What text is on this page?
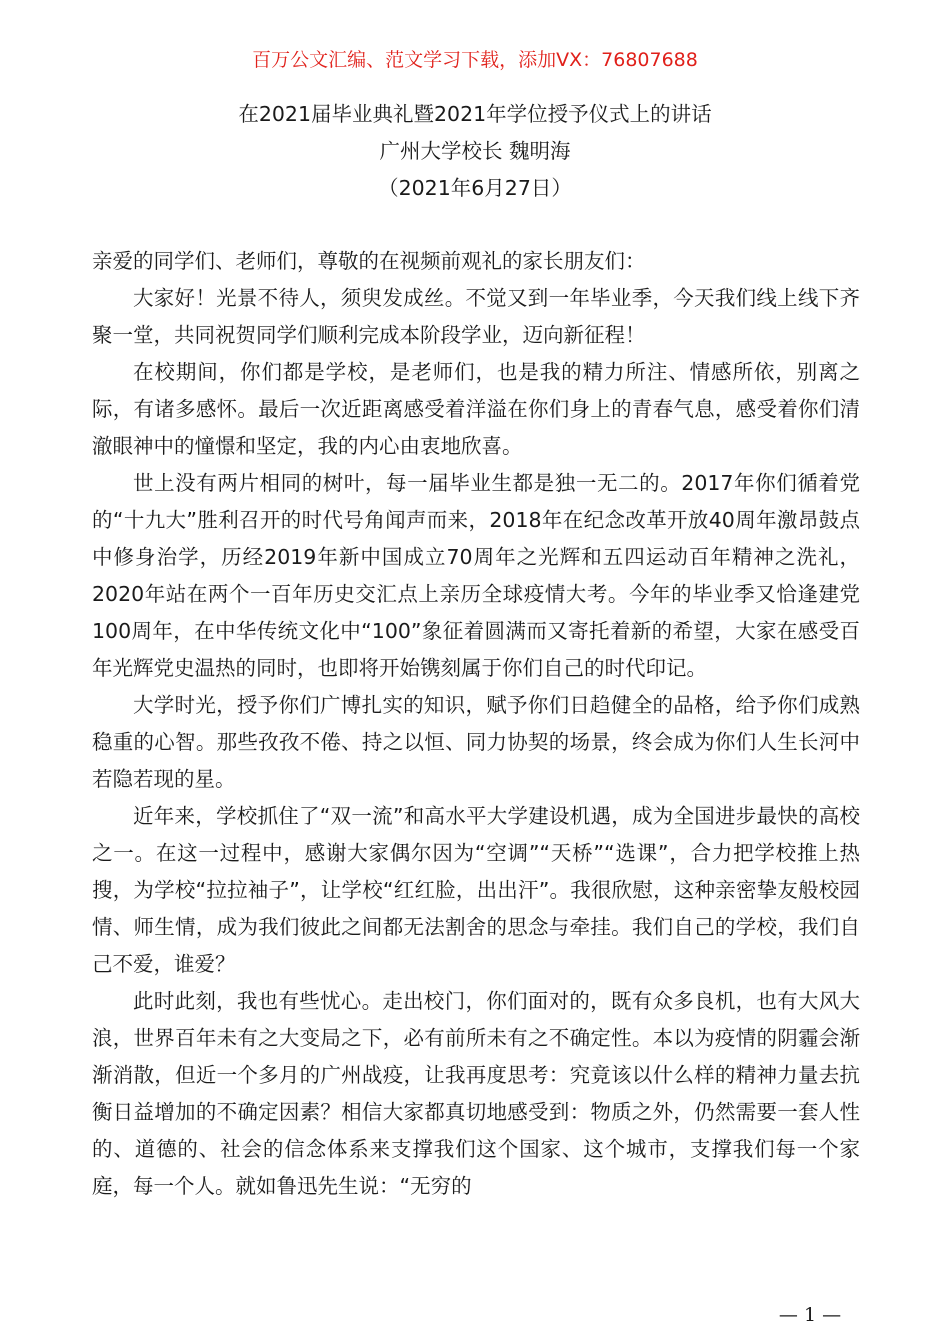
百万公文汇编、范文学习下载，添加VX：76807688
在2021届毕业典礼暨2021年学位授予仪式上的讲话
广州大学校长 魏明海
（2021年6月27日）

亲爱的同学们、老师们，尊敬的在视频前观礼的家长朋友们：

大家好！光景不待人，须臾发成丝。不觉又到一年毕业季，今天我们线上线下齐聚一堂，共同祝贺同学们顺利完成本阶段学业，迈向新征程！

在校期间，你们都是学校，是老师们，也是我的精力所注、情感所依，别离之际，有诸多感怀。最后一次近距离感受着洋溢在你们身上的青春气息，感受着你们清澈眼神中的憧憬和坚定，我的内心由衷地欣喜。

世上没有两片相同的树叶，每一届毕业生都是独一无二的。2017年你们循着党的“十九大”胜利召开的时代号角闻声而来，2018年在纪念改革开放40周年激昂鼓点中修身治学，历经2019年新中国成立70周年之光辉和五四运动百年精神之洗礼，2020年站在两个一百年历史交汇点上亲历全球疫情大考。今年的毕业季又恰逢建党100周年，在中华传统文化中“100”象征着圆满而又寄托着新的希望，大家在感受百年光辉党史温热的同时，也即将开始镌刻属于你们自己的时代印记。

大学时光，授予你们广博扎实的知识，赋予你们日趋健全的品格，给予你们成熟稳重的心智。那些孜孜不倦、持之以恒、同力协契的场景，终会成为你们人生长河中若隐若现的星。

近年来，学校抓住了“双一流”和高水平大学建设机遇，成为全国进步最快的高校之一。在这一过程中，感谢大家偶尔因为“空调”“天桥”“选课”，合力把学校推上热搜，为学校“拉拉袖子”，让学校“红红脸，出出汗”。我很欣慰，这种亲密挚友般校园情、师生情，成为我们彼此之间都无法割舍的思念与牵挂。我们自己的学校，我们自己不爱，谁爱？

此时此刻，我也有些忧心。走出校门，你们面对的，既有众多良机，也有大风大浪，世界百年未有之大变局之下，必有前所未有之不确定性。本以为疫情的阴霾会渐渐消散，但近一个多月的广州战疫，让我再度思考：究竟该以什么样的精神力量去抗衡日益增加的不确定因素？相信大家都真切地感受到：物质之外，仍然需要一套人性的、道德的、社会的信念体系来支撑我们这个国家、这个城市，支撑我们每一个家庭，每一个人。就如鲁迅先生说：“无穷的

— 1 —
